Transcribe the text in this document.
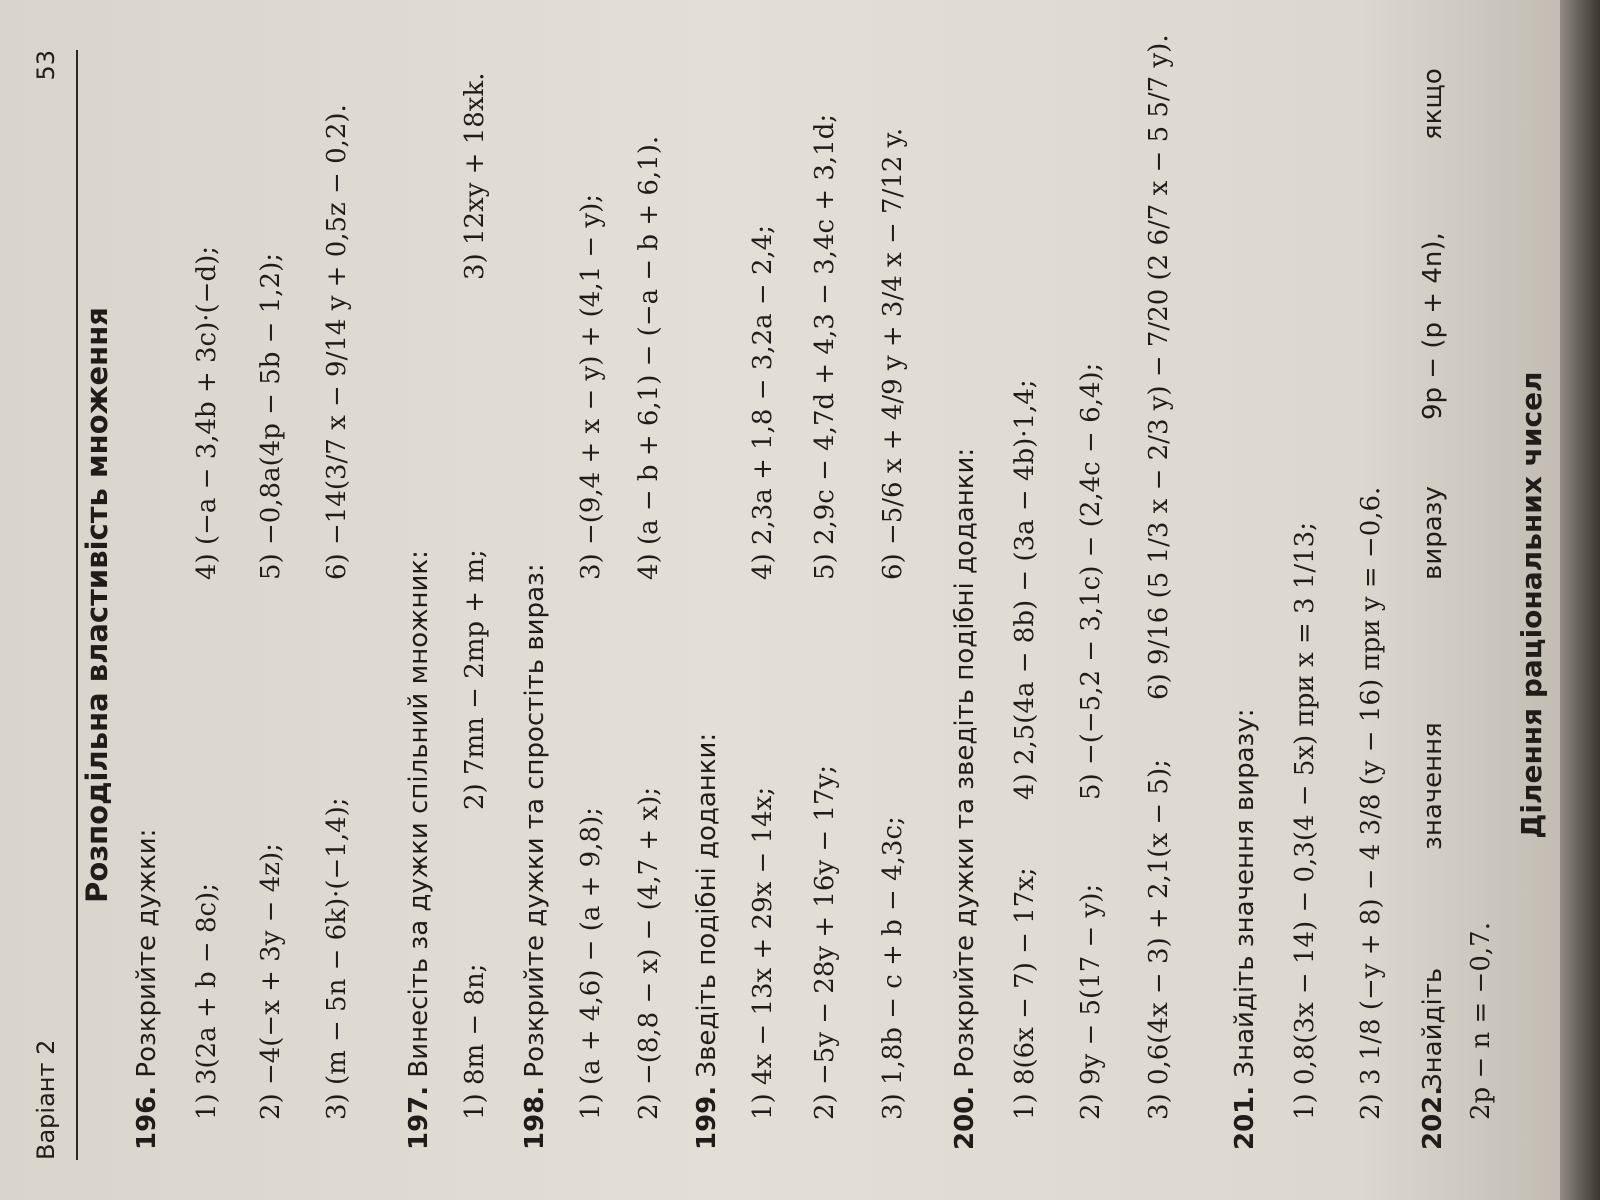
Варіант 2
53
Розподільна властивість множення
196. Розкрийте дужки: 1) 3(2a + b − 8c);
4) (−a − 3,4b + 3c)·(−d);
2) −4(−x + 3y − 4z);
5) −0,8a(4p − 5b − 1,2);
3) (m − 5n − 6k)·(−1,4);
6) −14(3/7 x − 9/14 y + 0,5z − 0,2).
197. Винесіть за дужки спільний множник: 1) 8m − 8n;
2) 7mn − 2mp + m;
3) 12xy + 18xk.
198. Розкрийте дужки та спростіть вираз: 1) (a + 4,6) − (a + 9,8);
3) −(9,4 + x − y) + (4,1 − y);
2) −(8,8 − x) − (4,7 + x);
4) (a − b + 6,1) − (−a − b + 6,1).
199. Зведіть подібні доданки: 1) 4x − 13x + 29x − 14x;
4) 2,3a + 1,8 − 3,2a − 2,4;
2) −5y − 28y + 16y − 17y;
5) 2,9c − 4,7d + 4,3 − 3,4c + 3,1d;
3) 1,8b − c + b − 4,3c;
6) −5/6 x + 4/9 y + 3/4 x − 7/12 y.
200. Розкрийте дужки та зведіть подібні доданки: 1) 8(6x − 7) − 17x;
4) 2,5(4a − 8b) − (3a − 4b)·1,4;
2) 9y − 5(17 − y);
5) −(−5,2 − 3,1c) − (2,4c − 6,4);
3) 0,6(4x − 3) + 2,1(x − 5);
6) 9/16 (5 1/3 x − 2/3 y) − 7/20 (2 6/7 x − 5 5/7 y).
201. Знайдіть значення виразу: 1) 0,8(3x − 14) − 0,3(4 − 5x) при x = 3 1/13; 2) 3 1/8 (−y + 8) − 4 3/8 (y − 16) при y = −0,6. 202.
Знайдіть
значення
виразу
9p − (p + 4n),
якщо
2p − n = −0,7.
Ділення раціональних чисел
